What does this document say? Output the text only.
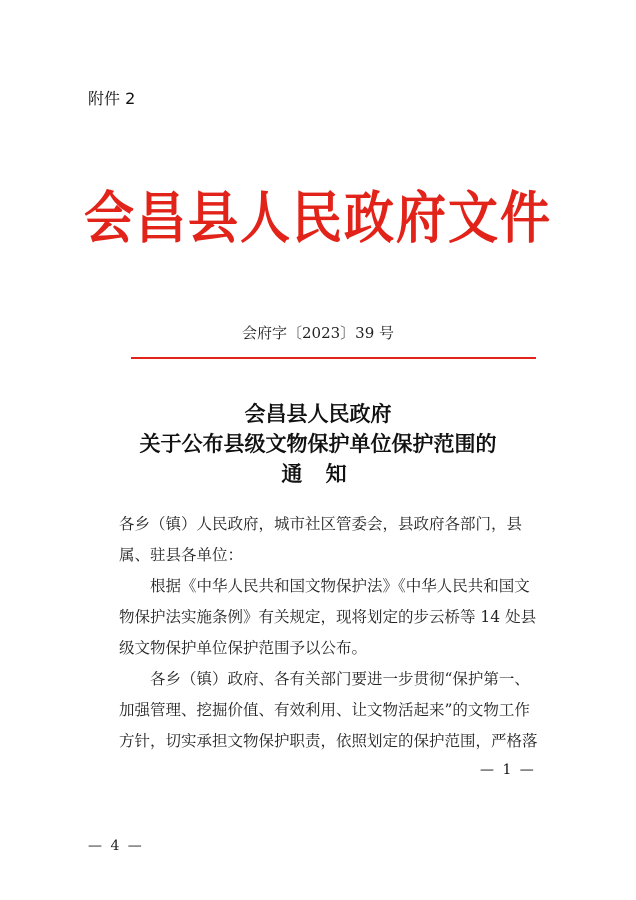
附件 2
会昌县人民政府文件
会府字〔2023〕39 号
会昌县人民政府
关于公布县级文物保护单位保护范围的
通 知
各乡（镇）人民政府，城市社区管委会，县政府各部门，县属、驻县各单位：
根据《中华人民共和国文物保护法》《中华人民共和国文物保护法实施条例》有关规定，现将划定的步云桥等 14 处县级文物保护单位保护范围予以公布。
各乡（镇）政府、各有关部门要进一步贯彻“保护第一、加强管理、挖掘价值、有效利用、让文物活起来”的文物工作方针，切实承担文物保护职责，依照划定的保护范围，严格落
— 1 —
— 4 —
